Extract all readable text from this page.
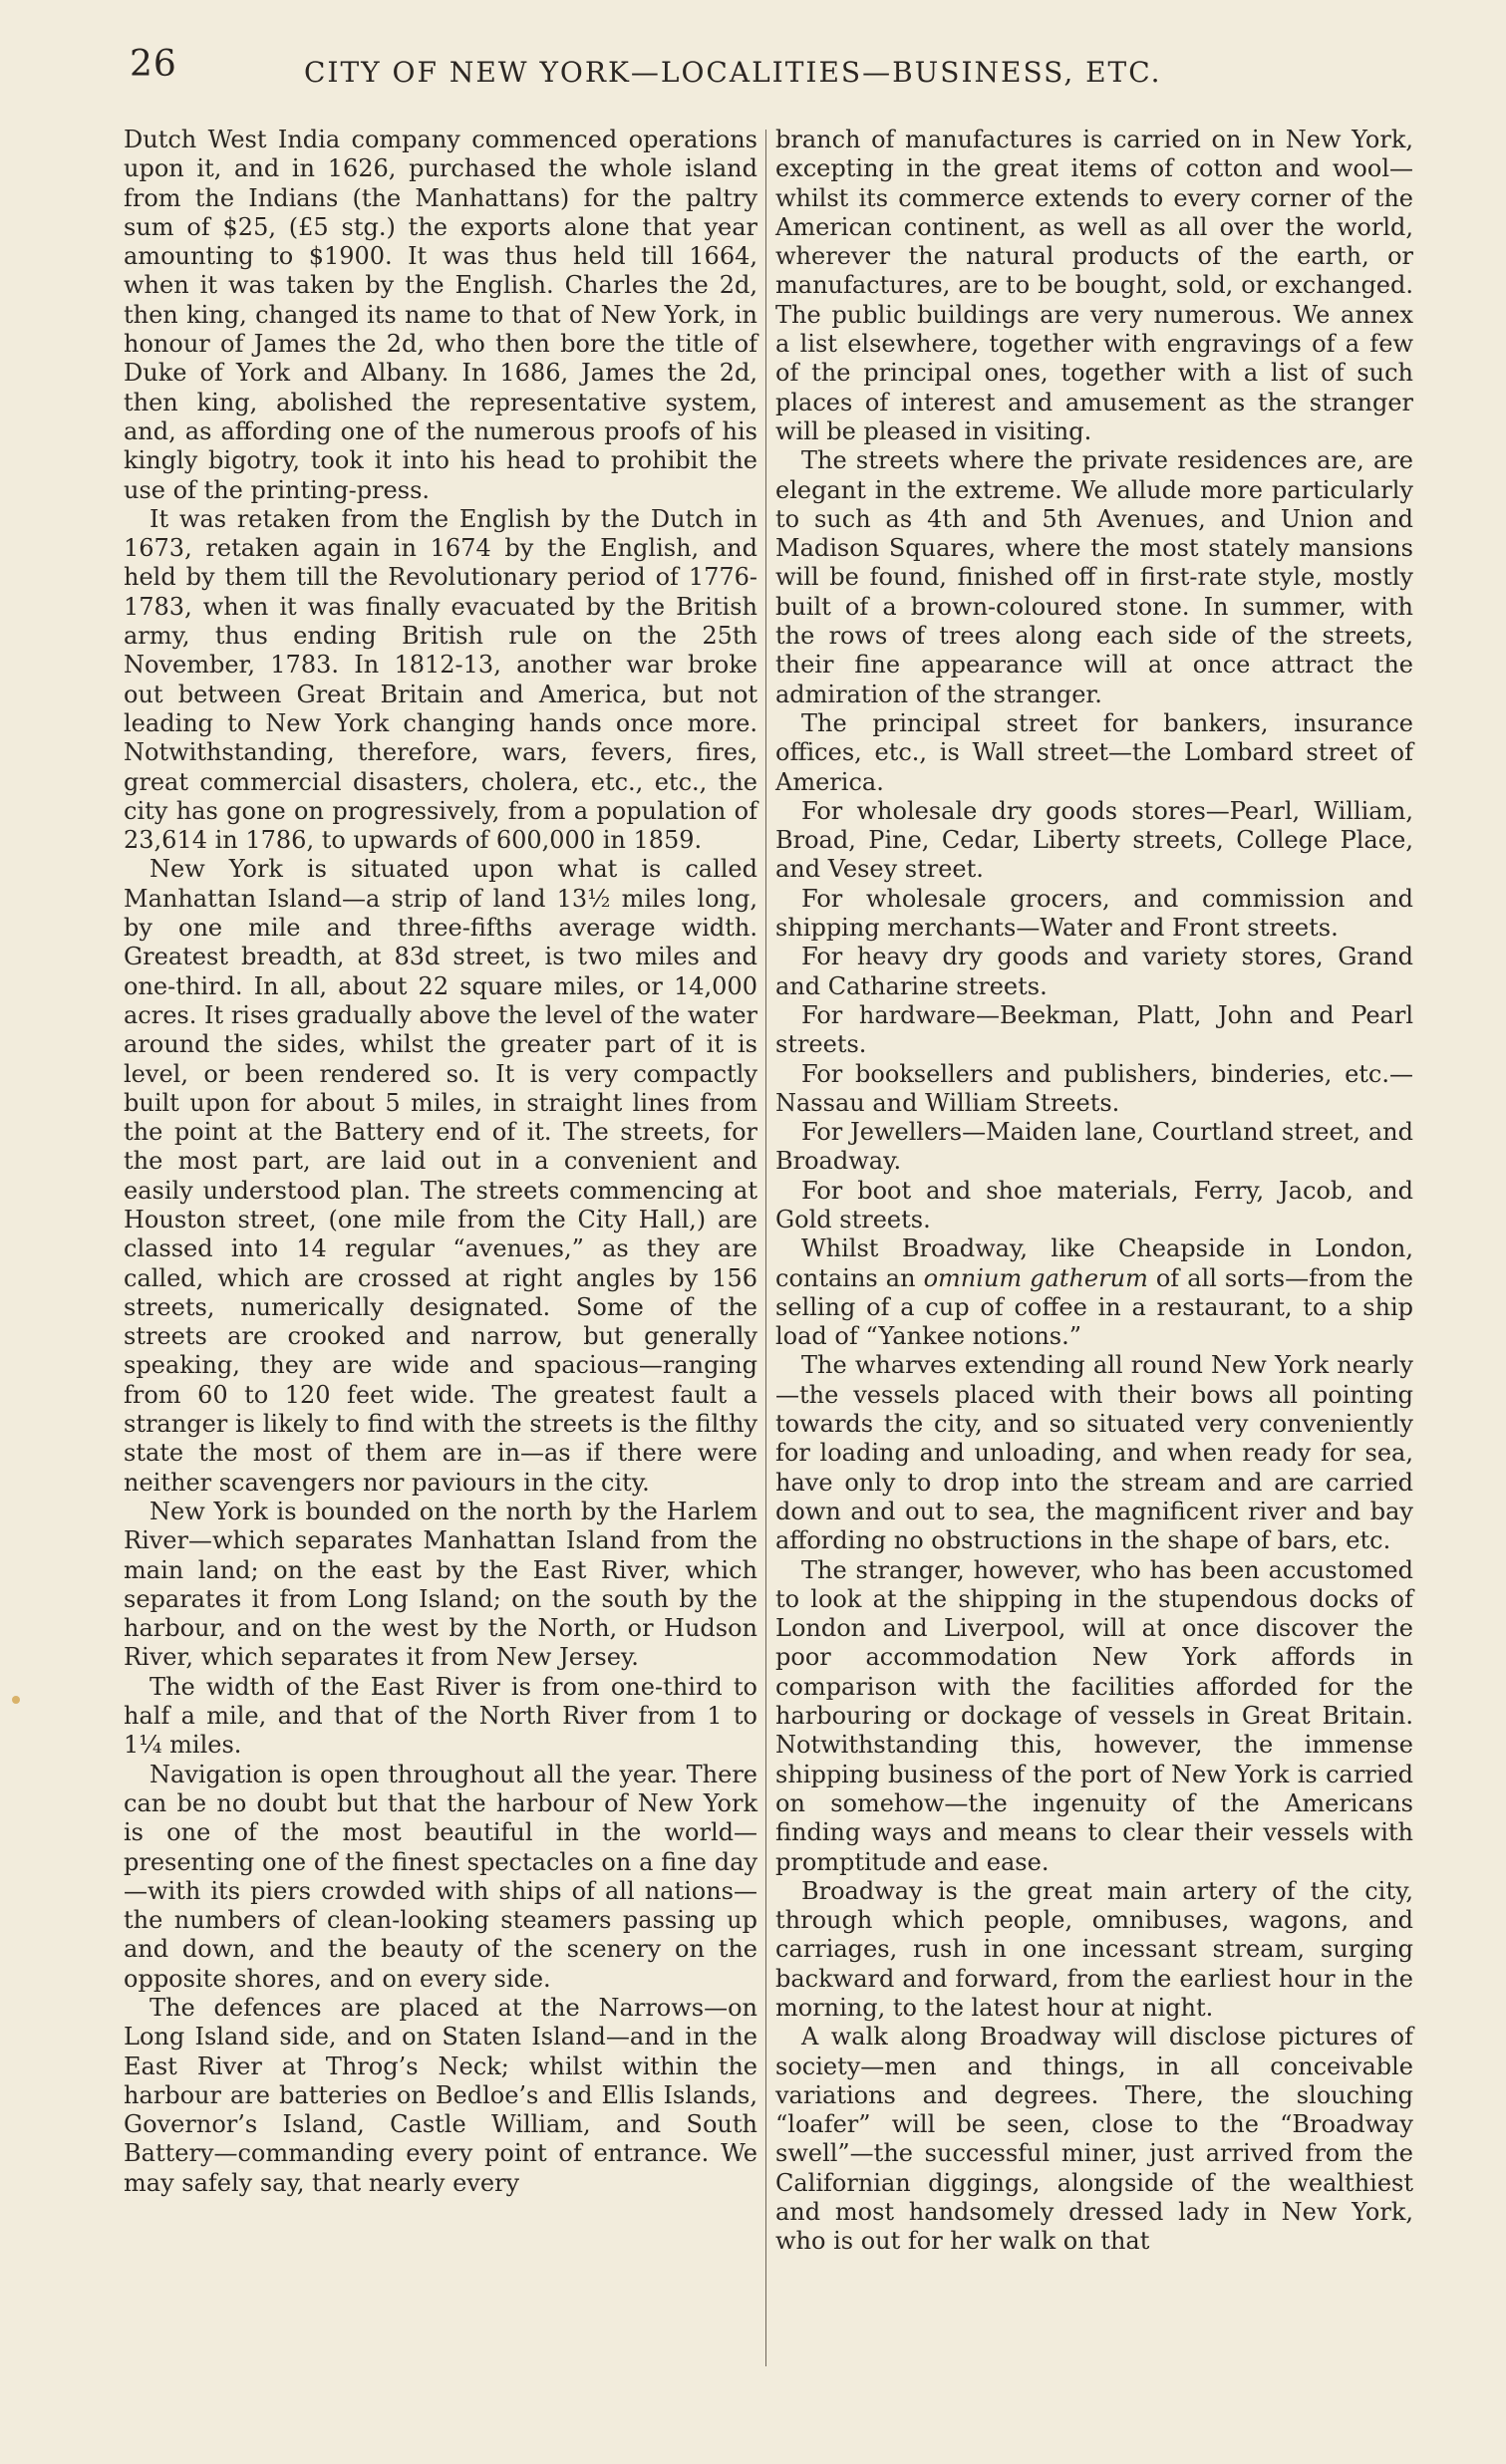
26	CITY OF NEW YORK—LOCALITIES—BUSINESS, ETC.

Dutch West India company commenced operations upon it, and in 1626, purchased the whole island from the Indians (the Manhattans) for the paltry sum of $25, (£5 stg.) the exports alone that year amounting to $1900. It was thus held till 1664, when it was taken by the English. Charles the 2d, then king, changed its name to that of New York, in honour of James the 2d, who then bore the title of Duke of York and Albany. In 1686, James the 2d, then king, abolished the representative system, and, as affording one of the numerous proofs of his kingly bigotry, took it into his head to prohibit the use of the printing-press.

It was retaken from the English by the Dutch in 1673, retaken again in 1674 by the English, and held by them till the Revolutionary period of 1776-1783, when it was finally evacuated by the British army, thus ending British rule on the 25th November, 1783. In 1812-13, another war broke out between Great Britain and America, but not leading to New York changing hands once more. Notwithstanding, therefore, wars, fevers, fires, great commercial disasters, cholera, etc., etc., the city has gone on progressively, from a population of 23,614 in 1786, to upwards of 600,000 in 1859.

New York is situated upon what is called Manhattan Island—a strip of land 13½ miles long, by one mile and three-fifths average width. Greatest breadth, at 83d street, is two miles and one-third. In all, about 22 square miles, or 14,000 acres. It rises gradually above the level of the water around the sides, whilst the greater part of it is level, or been rendered so. It is very compactly built upon for about 5 miles, in straight lines from the point at the Battery end of it. The streets, for the most part, are laid out in a convenient and easily understood plan. The streets commencing at Houston street, (one mile from the City Hall,) are classed into 14 regular “avenues,” as they are called, which are crossed at right angles by 156 streets, numerically designated. Some of the streets are crooked and narrow, but generally speaking, they are wide and spacious—ranging from 60 to 120 feet wide. The greatest fault a stranger is likely to find with the streets is the filthy state the most of them are in—as if there were neither scavengers nor paviours in the city.

New York is bounded on the north by the Harlem River—which separates Manhattan Island from the main land; on the east by the East River, which separates it from Long Island; on the south by the harbour, and on the west by the North, or Hudson River, which separates it from New Jersey.

The width of the East River is from one-third to half a mile, and that of the North River from 1 to 1¼ miles.

Navigation is open throughout all the year. There can be no doubt but that the harbour of New York is one of the most beautiful in the world—presenting one of the finest spectacles on a fine day—with its piers crowded with ships of all nations—the numbers of clean-looking steamers passing up and down, and the beauty of the scenery on the opposite shores, and on every side.

The defences are placed at the Narrows—on Long Island side, and on Staten Island—and in the East River at Throg’s Neck; whilst within the harbour are batteries on Bedloe’s and Ellis Islands, Governor’s Island, Castle William, and South Battery—commanding every point of entrance. We may safely say, that nearly every

branch of manufactures is carried on in New York, excepting in the great items of cotton and wool—whilst its commerce extends to every corner of the American continent, as well as all over the world, wherever the natural products of the earth, or manufactures, are to be bought, sold, or exchanged. The public buildings are very numerous. We annex a list elsewhere, together with engravings of a few of the principal ones, together with a list of such places of interest and amusement as the stranger will be pleased in visiting.

The streets where the private residences are, are elegant in the extreme. We allude more particularly to such as 4th and 5th Avenues, and Union and Madison Squares, where the most stately mansions will be found, finished off in first-rate style, mostly built of a brown-coloured stone. In summer, with the rows of trees along each side of the streets, their fine appearance will at once attract the admiration of the stranger.

The principal street for bankers, insurance offices, etc., is Wall street—the Lombard street of America.

For wholesale dry goods stores—Pearl, William, Broad, Pine, Cedar, Liberty streets, College Place, and Vesey street.

For wholesale grocers, and commission and shipping merchants—Water and Front streets.

For heavy dry goods and variety stores, Grand and Catharine streets.

For hardware—Beekman, Platt, John and Pearl streets.

For booksellers and publishers, binderies, etc.—Nassau and William Streets.

For Jewellers—Maiden lane, Courtland street, and Broadway.

For boot and shoe materials, Ferry, Jacob, and Gold streets.

Whilst Broadway, like Cheapside in London, contains an omnium gatherum of all sorts—from the selling of a cup of coffee in a restaurant, to a ship load of “Yankee notions.”

The wharves extending all round New York nearly—the vessels placed with their bows all pointing towards the city, and so situated very conveniently for loading and unloading, and when ready for sea, have only to drop into the stream and are carried down and out to sea, the magnificent river and bay affording no obstructions in the shape of bars, etc.

The stranger, however, who has been accustomed to look at the shipping in the stupendous docks of London and Liverpool, will at once discover the poor accommodation New York affords in comparison with the facilities afforded for the harbouring or dockage of vessels in Great Britain. Notwithstanding this, however, the immense shipping business of the port of New York is carried on somehow—the ingenuity of the Americans finding ways and means to clear their vessels with promptitude and ease.

Broadway is the great main artery of the city, through which people, omnibuses, wagons, and carriages, rush in one incessant stream, surging backward and forward, from the earliest hour in the morning, to the latest hour at night.

A walk along Broadway will disclose pictures of society—men and things, in all conceivable variations and degrees. There, the slouching “loafer” will be seen, close to the “Broadway swell”—the successful miner, just arrived from the Californian diggings, alongside of the wealthiest and most handsomely dressed lady in New York, who is out for her walk on that
